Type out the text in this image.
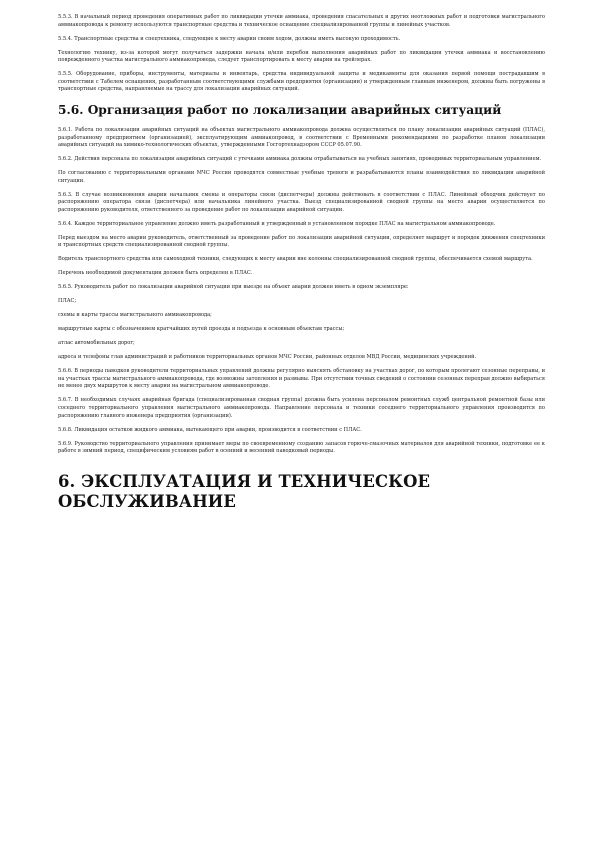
5.5.3. В начальный период проведения оперативных работ по ликвидации утечки аммиака, проведения спасательных и других неотложных работ и подготовки магистрального аммиакопровода к ремонту используются транспортные средства и техническое оснащение специализированной группы и линейных участков.

5.5.4. Транспортные средства и спецтехника, следующие к месту аварии своим ходом, должны иметь высокую проходимость.

Технологию технику, из-за которой могут получаться задержки начала и/или перебои выполнения аварийных работ по ликвидации утечки аммиака и восстановлению поврежденного участка магистрального аммиакопровода, следует транспортировать к месту аварии на трейлерах.

5.5.5. Оборудование, приборы, инструменты, материалы и инвентарь, средства индивидуальной защиты и медикаменты для оказания первой помощи пострадавшим в соответствии с Табелем оснащения, разработанным соответствующими службами предприятия (организации) и утвержденным главным инженером, должны быть погружены в транспортные средства, направляемые на трассу для локализации аварийных ситуаций.

5.6. Организация работ по локализации аварийных ситуаций

5.6.1. Работа по локализации аварийных ситуаций на объектах магистрального аммиакопровода должна осуществляться по плану локализации аварийных ситуаций (ПЛАС), разработанному предприятием (организацией), эксплуатирующим аммиакопровод, в соответствии с Временными рекомендациями по разработке планов локализации аварийных ситуаций на химико-технологических объектах, утвержденными Госгортехнадзором СССР 05.07.90.

5.6.2. Действия персонала по локализации аварийных ситуаций с утечками аммиака должны отрабатываться на учебных занятиях, проводимых территориальным управлением.

По согласованию с территориальными органами МЧС России проводятся совместные учебные тревоги и разрабатываются планы взаимодействия по ликвидации аварийной ситуации.

5.6.3. В случае возникновения аварии начальник смены и операторы связи (диспетчеры) должны действовать в соответствии с ПЛАС. Линейный обходчик действует по распоряжению оператора связи (диспетчера) или начальника линейного участка. Выезд специализированной сводной группы на место аварии осуществляется по распоряжению руководителя, ответственного за проведение работ по локализации аварийной ситуации.

5.6.4. Каждое территориальное управление должно иметь разработанный и утвержденный в установленном порядке ПЛАС на магистральном аммиакопроводе.

Перед выездом на место аварии руководитель, ответственный за проведение работ по локализации аварийной ситуации, определяет маршрут и порядок движения спецтехники и транспортных средств специализированной сводной группы.

Водитель транспортного средства или самоходной техники, следующих к месту аварии вне колонны специализированной сводной группы, обеспечивается схемой маршрута.

Перечень необходимой документации должен быть определен в ПЛАС.

5.6.5. Руководитель работ по локализации аварийной ситуации при выезде на объект аварии должен иметь в одном экземпляре:

ПЛАС;

схемы и карты трассы магистрального аммиакопровода;

маршрутные карты с обозначением кратчайших путей проезда и подъезда к основным объектам трассы;

атлас автомобильных дорог;

адреса и телефоны глав администраций и работников территориальных органов МЧС России, районных отделов МВД России, медицинских учреждений.

5.6.6. В периоды паводков руководители территориальных управлений должны регулярно выяснять обстановку на участках дорог, по которым пролегают сезонные переправы, и на участках трассы магистрального аммиакопровода, где возможны затопления и размывы. При отсутствии точных сведений о состоянии сезонных переправ должно выбираться не менее двух маршрутов к месту аварии на магистральном аммиакопроводе.

5.6.7. В необходимых случаях аварийная бригада (специализированная сводная группа) должна быть усилена персоналом ремонтных служб центральной ремонтной базы или соседнего территориального управления магистрального аммиакопровода. Направление персонала и техники соседнего территориального управления производится по распоряжению главного инженера предприятия (организации).

5.6.8. Ликвидация остатков жидкого аммиака, вытекающего при аварии, производится в соответствии с ПЛАС.

5.6.9. Руководство территориального управления принимает меры по своевременному созданию запасов горюче-смазочных материалов для аварийной техники, подготовке ее к работе в зимний период, специфическим условиям работ в осенний и весенний паводковый периоды.

6. ЭКСПЛУАТАЦИЯ И ТЕХНИЧЕСКОЕ ОБСЛУЖИВАНИЕ
